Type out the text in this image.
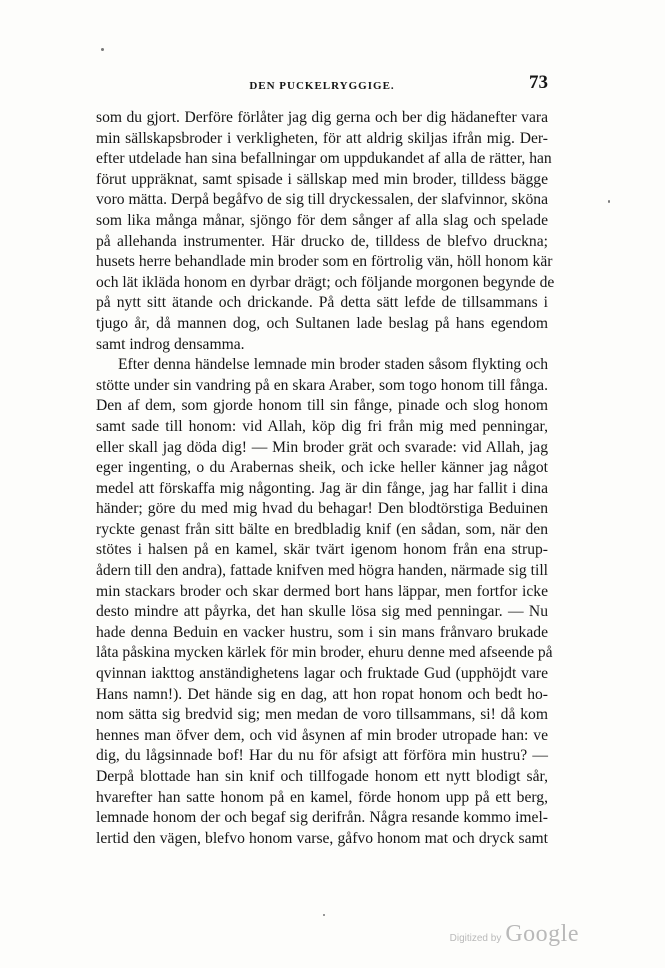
DEN PUCKELRYGGIGE.	73
som du gjort. Derföre förlåter jag dig gerna och ber dig hädanefter vara
min sällskapsbroder i verkligheten, för att aldrig skiljas ifrån mig. Der-
efter utdelade han sina befallningar om uppdukandet af alla de rätter, han
förut uppräknat, samt spisade i sällskap med min broder, tilldess bägge
voro mätta. Derpå begåfvo de sig till dryckessalen, der slafvinnor, sköna
som lika många månar, sjöngo för dem sånger af alla slag och spelade
på allehanda instrumenter. Här drucko de, tilldess de blefvo druckna;
husets herre behandlade min broder som en förtrolig vän, höll honom kär
och lät ikläda honom en dyrbar drägt; och följande morgonen begynde de
på nytt sitt ätande och drickande. På detta sätt lefde de tillsammans i
tjugo år, då mannen dog, och Sultanen lade beslag på hans egendom
samt indrog densamma.
Efter denna händelse lemnade min broder staden såsom flykting och
stötte under sin vandring på en skara Araber, som togo honom till fånga.
Den af dem, som gjorde honom till sin fånge, pinade och slog honom
samt sade till honom: vid Allah, köp dig fri från mig med penningar,
eller skall jag döda dig! — Min broder grät och svarade: vid Allah, jag
eger ingenting, o du Arabernas sheik, och icke heller känner jag något
medel att förskaffa mig någonting. Jag är din fånge, jag har fallit i dina
händer; göre du med mig hvad du behagar! Den blodtörstiga Beduinen
ryckte genast från sitt bälte en bredbladig knif (en sådan, som, när den
stötes i halsen på en kamel, skär tvärt igenom honom från ena strup-
ådern till den andra), fattade knifven med högra handen, närmade sig till
min stackars broder och skar dermed bort hans läppar, men fortfor icke
desto mindre att påyrka, det han skulle lösa sig med penningar. — Nu
hade denna Beduin en vacker hustru, som i sin mans frånvaro brukade
låta påskina mycken kärlek för min broder, ehuru denne med afseende på
qvinnan iakttog anständighetens lagar och fruktade Gud (upphöjdt vare
Hans namn!). Det hände sig en dag, att hon ropat honom och bedt ho-
nom sätta sig bredvid sig; men medan de voro tillsammans, si! då kom
hennes man öfver dem, och vid åsynen af min broder utropade han: ve
dig, du lågsinnade bof! Har du nu för afsigt att förföra min hustru? —
Derpå blottade han sin knif och tillfogade honom ett nytt blodigt sår,
hvarefter han satte honom på en kamel, förde honom upp på ett berg,
lemnade honom der och begaf sig derifrån. Några resande kommo imel-
lertid den vägen, blefvo honom varse, gåfvo honom mat och dryck samt
Digitized by Google
